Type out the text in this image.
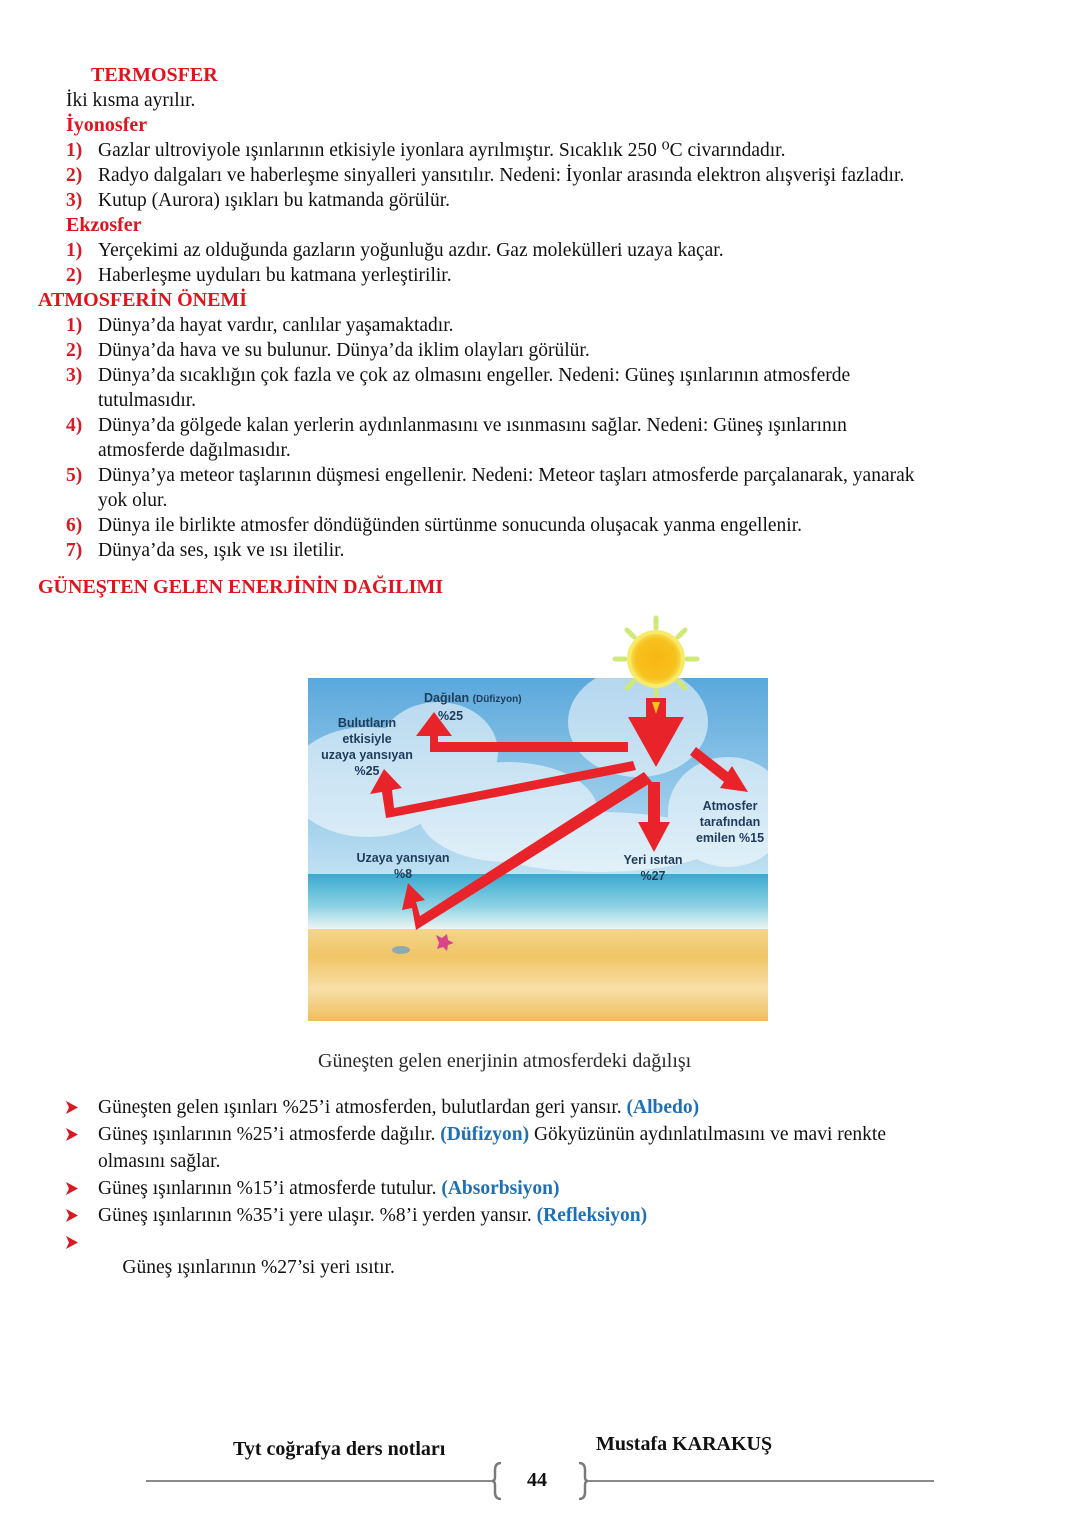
TERMOSFER
İki kısma ayrılır.
İyonosfer
1) Gazlar ultroviyole ışınlarının etkisiyle iyonlara ayrılmıştır. Sıcaklık 250 ⁰C civarındadır.
2) Radyo dalgaları ve haberleşme sinyalleri yansıtılır. Nedeni: İyonlar arasında elektron alışverişi fazladır.
3) Kutup (Aurora) ışıkları bu katmanda görülür.
Ekzosfer
1) Yerçekimi az olduğunda gazların yoğunluğu azdır. Gaz molekülleri uzaya kaçar.
2) Haberleşme uyduları bu katmana yerleştirilir.
ATMOSFERİN ÖNEMİ
1) Dünya’da hayat vardır, canlılar yaşamaktadır.
2) Dünya’da hava ve su bulunur. Dünya’da iklim olayları görülür.
3) Dünya’da sıcaklığın çok fazla ve çok az olmasını engeller. Nedeni: Güneş ışınlarının atmosferde
tutulmasıdır.
4) Dünya’da gölgede kalan yerlerin aydınlanmasını ve ısınmasını sağlar. Nedeni: Güneş ışınlarının
atmosferde dağılmasıdır.
5) Dünya’ya meteor taşlarının düşmesi engellenir. Nedeni: Meteor taşları atmosferde parçalanarak, yanarak
yok olur.
6) Dünya ile birlikte atmosfer döndüğünden sürtünme sonucunda oluşacak yanma engellenir.
7) Dünya’da ses, ışık ve ısı iletilir.
GÜNEŞTEN GELEN ENERJİNİN DAĞILIMI
Dağılan (Düfizyon)
%25
Bulutların
etkisiyle
uzaya yansıyan
%25
Uzaya yansıyan
%8
Yeri ısıtan
%27
Atmosfer
tarafından
emilen %15
Güneşten gelen enerjinin atmosferdeki dağılışı
Güneşten gelen ışınları %25’i atmosferden, bulutlardan geri yansır. (Albedo)
Güneş ışınlarının %25’i atmosferde dağılır. (Düfizyon) Gökyüzünün aydınlatılmasını ve mavi renkte
olmasını sağlar.
Güneş ışınlarının %15’i atmosferde tutulur. (Absorbsiyon)
Güneş ışınlarının %35’i yere ulaşır. %8’i yerden yansır. (Refleksiyon)

Güneş ışınlarının %27’si yeri ısıtır.

Tyt coğrafya ders notları	Mustafa KARAKUŞ
44
